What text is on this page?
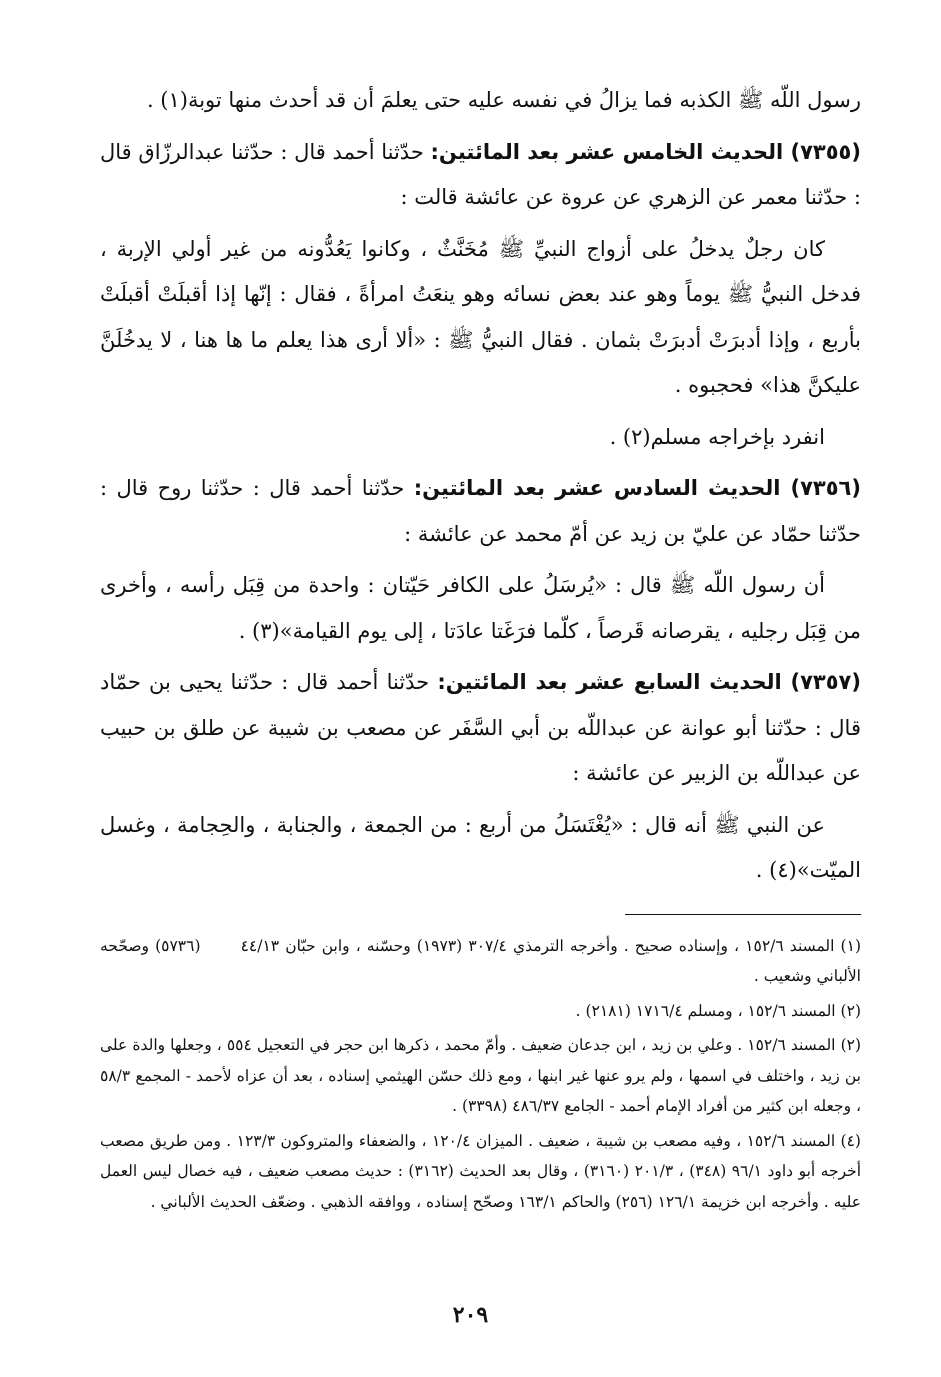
رسول اللّه ﷺ الكذبه فما يزالُ في نفسه عليه حتى يعلمَ أن قد أحدث منها توبة(١) .

(٧٣٥٥) الحديث الخامس عشر بعد المائتين: حدّثنا أحمد قال : حدّثنا عبدالرزّاق قال : حدّثنا معمر عن الزهري عن عروة عن عائشة قالت :

كان رجلٌ يدخلُ على أزواج النبيِّ ﷺ مُخَنَّثٌ ، وكانوا يَعُدُّونه من غير أولي الإربة ، فدخل النبيُّ ﷺ يوماً وهو عند بعض نسائه وهو ينعَتُ امرأةً ، فقال : إنّها إذا أقبلَتْ أقبلَتْ بأربع ، وإذا أدبرَتْ أدبرَتْ بثمان . فقال النبيُّ ﷺ : «ألا أرى هذا يعلم ما ها هنا ، لا يدخُلَنَّ عليكنَّ هذا» فحجبوه .

انفرد بإخراجه مسلم(٢) .

(٧٣٥٦) الحديث السادس عشر بعد المائتين: حدّثنا أحمد قال : حدّثنا روح قال : حدّثنا حمّاد عن عليّ بن زيد عن أمّ محمد عن عائشة :

أن رسول اللّه ﷺ قال : «يُرسَلُ على الكافر حَيّتان : واحدة من قِبَل رأسه ، وأخرى من قِبَل رجليه ، يقرصانه قَرصاً ، كلّما فرَغَتا عادَتا ، إلى يوم القيامة»(٣) .

(٧٣٥٧) الحديث السابع عشر بعد المائتين: حدّثنا أحمد قال : حدّثنا يحيى بن حمّاد قال : حدّثنا أبو عوانة عن عبداللّه بن أبي السَّفَر عن مصعب بن شيبة عن طلق بن حبيب عن عبداللّه بن الزبير عن عائشة :

عن النبي ﷺ أنه قال : «يُغْتَسَلُ من أربع : من الجمعة ، والجنابة ، والحِجامة ، وغسل الميّت»(٤) .

(١) المسند ١٥٢/٦ ، وإسناده صحيح . وأخرجه الترمذي ٣٠٧/٤ (١٩٧٣) وحسّنه ، وابن حبّان ٤٤/١٣ (٥٧٣٦) وصحّحه الألباني وشعيب .

(٢) المسند ١٥٢/٦ ، ومسلم ١٧١٦/٤ (٢١٨١) .

(٢) المسند ١٥٢/٦ . وعلي بن زيد ، ابن جدعان ضعيف . وأمّ محمد ، ذكرها ابن حجر في التعجيل ٥٥٤ ، وجعلها والدة على بن زيد ، واختلف في اسمها ، ولم يرو عنها غير ابنها ، ومع ذلك حسّن الهيثمي إسناده ، بعد أن عزاه لأحمد - المجمع ٥٨/٣ ، وجعله ابن كثير من أفراد الإمام أحمد - الجامع ٤٨٦/٣٧ (٣٣٩٨) .

(٤) المسند ١٥٢/٦ ، وفيه مصعب بن شيبة ، ضعيف . الميزان ١٢٠/٤ ، والضعفاء والمتروكون ١٢٣/٣ . ومن طريق مصعب أخرجه أبو داود ٩٦/١ (٣٤٨) ، ٢٠١/٣ (٣١٦٠) ، وقال بعد الحديث (٣١٦٢) : حديث مصعب ضعيف ، فيه خصال ليس العمل عليه . وأخرجه ابن خزيمة ١٢٦/١ (٢٥٦) والحاكم ١٦٣/١ وصحّح إسناده ، ووافقه الذهبي . وضعّف الحديث الألباني .

٢٠٩
